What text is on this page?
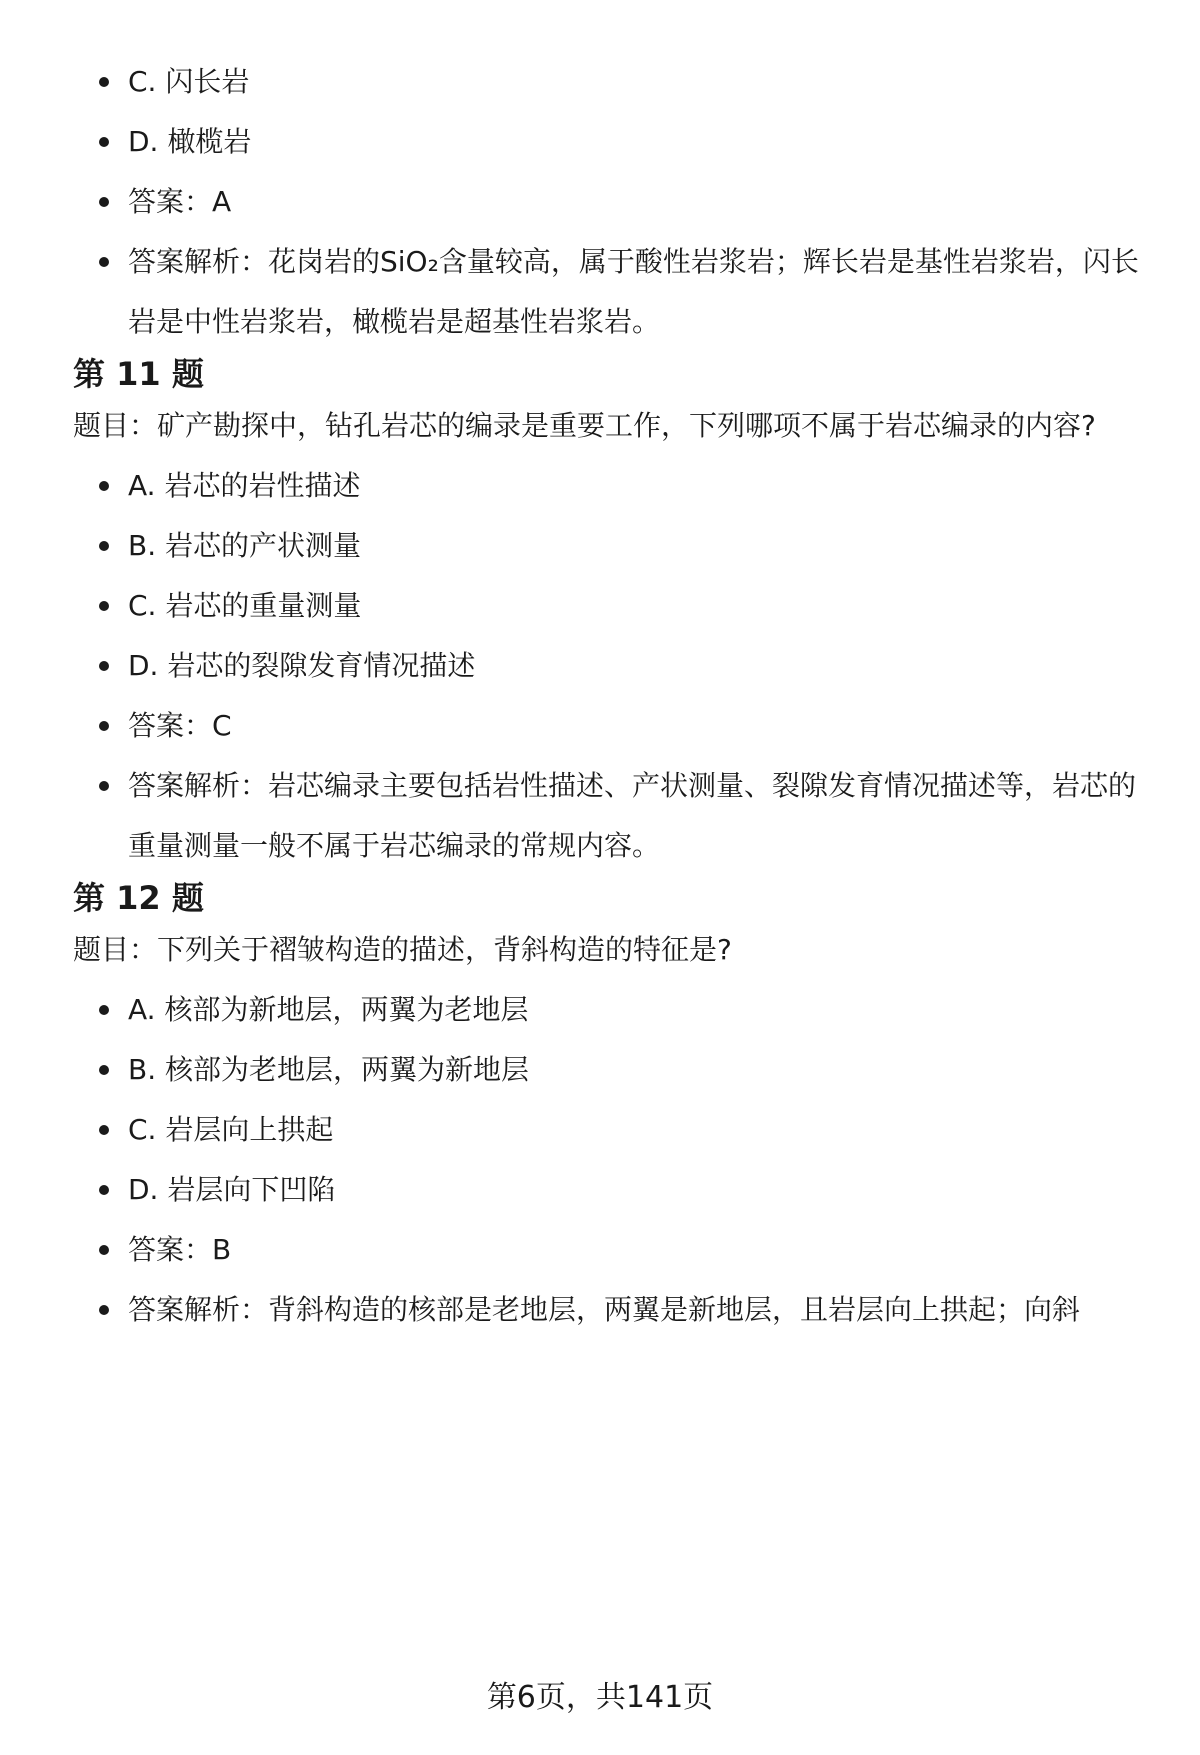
C. 闪长岩
D. 橄榄岩
答案：A
答案解析：花岗岩的SiO₂含量较高，属于酸性岩浆岩；辉长岩是基性岩浆岩，闪长岩是中性岩浆岩，橄榄岩是超基性岩浆岩。
第 11 题

题目：矿产勘探中，钻孔岩芯的编录是重要工作，下列哪项不属于岩芯编录的内容?

A. 岩芯的岩性描述
B. 岩芯的产状测量
C. 岩芯的重量测量
D. 岩芯的裂隙发育情况描述
答案：C
答案解析：岩芯编录主要包括岩性描述、产状测量、裂隙发育情况描述等，岩芯的重量测量一般不属于岩芯编录的常规内容。
第 12 题

题目：下列关于褶皱构造的描述，背斜构造的特征是?

A. 核部为新地层，两翼为老地层
B. 核部为老地层，两翼为新地层
C. 岩层向上拱起
D. 岩层向下凹陷
答案：B
答案解析：背斜构造的核部是老地层，两翼是新地层，且岩层向上拱起；向斜
第6页，共141页
